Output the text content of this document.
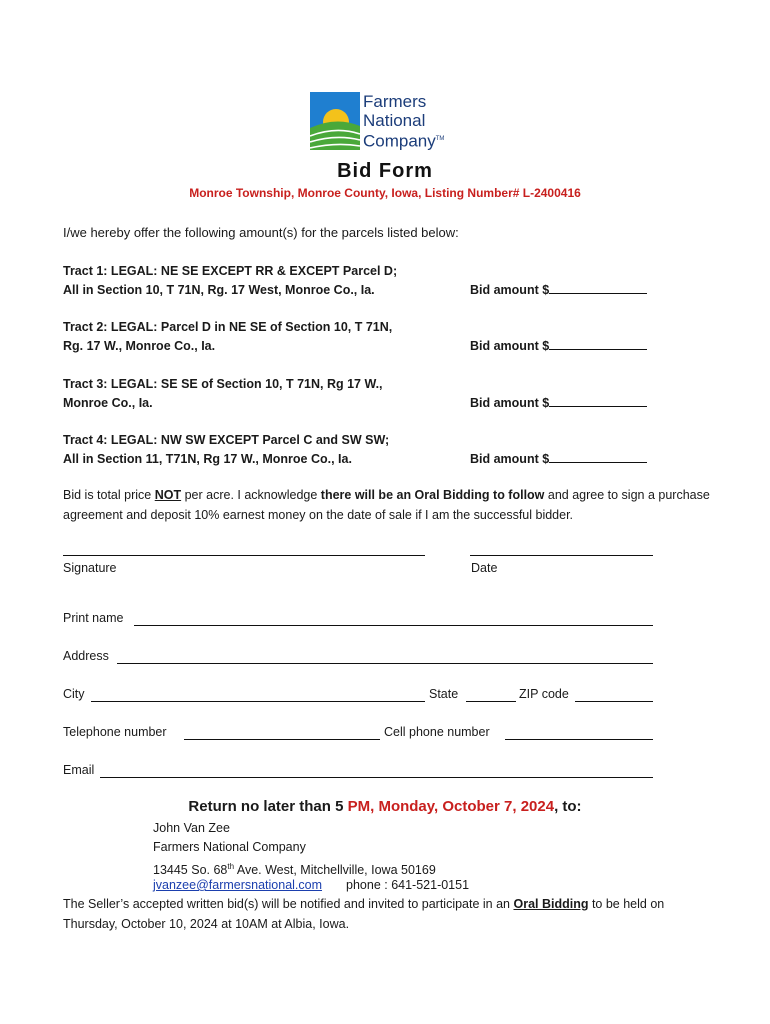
Farmers
National
Company™
Bid Form
Monroe Township, Monroe County, Iowa, Listing Number# L-2400416
I/we hereby offer the following amount(s) for the parcels listed below:
Tract 1: LEGAL: NE SE EXCEPT RR & EXCEPT Parcel D;
All in Section 10, T 71N, Rg. 17 West, Monroe Co., Ia.	Bid amount $
Tract 2: LEGAL: Parcel D in NE SE of Section 10, T 71N,
Rg. 17 W., Monroe Co., Ia.	Bid amount $
Tract 3: LEGAL: SE SE of Section 10, T 71N, Rg 17 W.,
Monroe Co., Ia.	Bid amount $
Tract 4: LEGAL: NW SW EXCEPT Parcel C and SW SW;
All in Section 11, T71N, Rg 17 W., Monroe Co., Ia.	Bid amount $
Bid is total price NOT per acre. I acknowledge there will be an Oral Bidding to follow and agree to sign a purchase agreement and deposit 10% earnest money on the date of sale if I am the successful bidder.
Signature	Date
Print name
Address
City	State	ZIP code
Telephone number	Cell phone number
Email
Return no later than 5 PM, Monday, October 7, 2024, to:
John Van Zee
Farmers National Company
13445 So. 68th Ave. West, Mitchellville, Iowa 50169
jvanzee@farmersnational.com phone : 641-521-0151
The Seller’s accepted written bid(s) will be notified and invited to participate in an Oral Bidding to be held on Thursday, October 10, 2024 at 10AM at Albia, Iowa.
